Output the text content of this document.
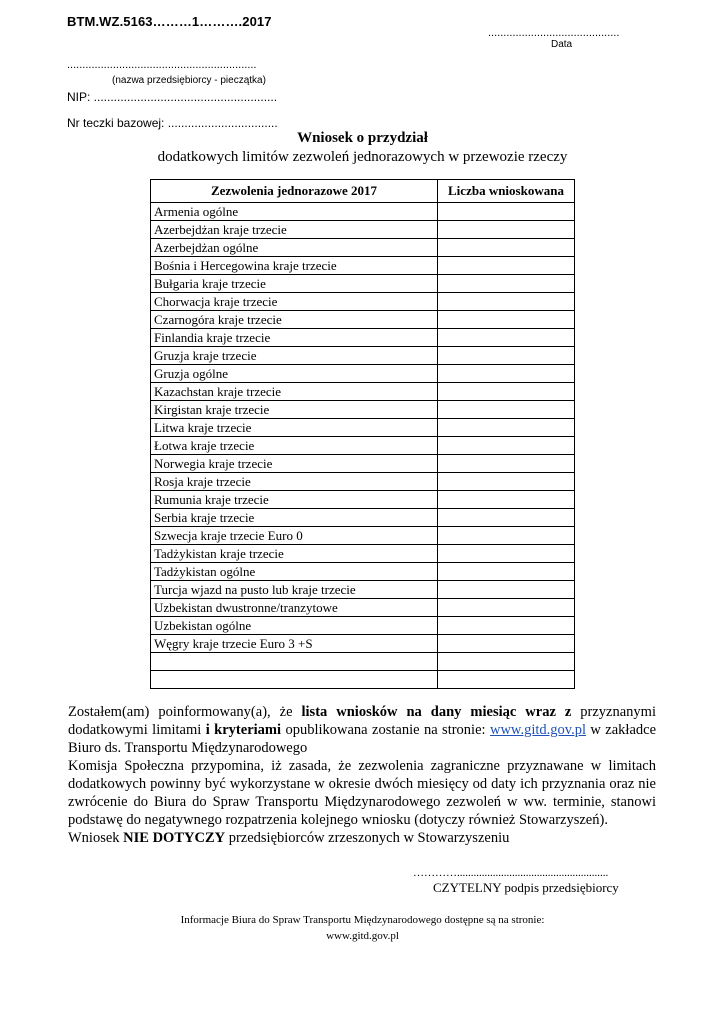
BTM.WZ.5163………1……….2017
...........................................
Data
..............................................................
(nazwa przedsiębiorcy - pieczątka)
NIP: .......................................................
Nr teczki bazowej: .................................
Wniosek o przydział
dodatkowych limitów zezwoleń jednorazowych w przewozie rzeczy
Zezwolenia jednorazowe 2017	Liczba wnioskowana
Armenia ogólne	
Azerbejdżan kraje trzecie	
Azerbejdżan ogólne	
Bośnia i Hercegowina kraje trzecie	
Bułgaria kraje trzecie	
Chorwacja kraje trzecie	
Czarnogóra kraje trzecie	
Finlandia kraje trzecie	
Gruzja kraje trzecie	
Gruzja ogólne	
Kazachstan kraje trzecie	
Kirgistan kraje trzecie	
Litwa kraje trzecie	
Łotwa kraje trzecie	
Norwegia kraje trzecie	
Rosja kraje trzecie	
Rumunia kraje trzecie	
Serbia kraje trzecie	
Szwecja kraje trzecie Euro 0	
Tadżykistan kraje trzecie	
Tadżykistan ogólne	
Turcja wjazd na pusto lub kraje trzecie	
Uzbekistan dwustronne/tranzytowe	
Uzbekistan ogólne	
Węgry kraje trzecie Euro 3 +S	

Zostałem(am) poinformowany(a), że lista wniosków na dany miesiąc wraz z przyznanymi dodatkowymi limitami i kryteriami opublikowana zostanie na stronie: www.gitd.gov.pl w zakładce Biuro ds. Transportu Międzynarodowego

Komisja Społeczna przypomina, iż zasada, że zezwolenia zagraniczne przyznawane w limitach dodatkowych powinny być wykorzystane w okresie dwóch miesięcy od daty ich przyznania oraz nie zwrócenie do Biura do Spraw Transportu Międzynarodowego zezwoleń w ww. terminie, stanowi podstawę do negatywnego rozpatrzenia kolejnego wniosku (dotyczy również Stowarzyszeń).

Wniosek NIE DOTYCZY przedsiębiorców zrzeszonych w Stowarzyszeniu

………….......................................................
CZYTELNY podpis przedsiębiorcy
Informacje Biura do Spraw Transportu Międzynarodowego dostępne są na stronie:
www.gitd.gov.pl
